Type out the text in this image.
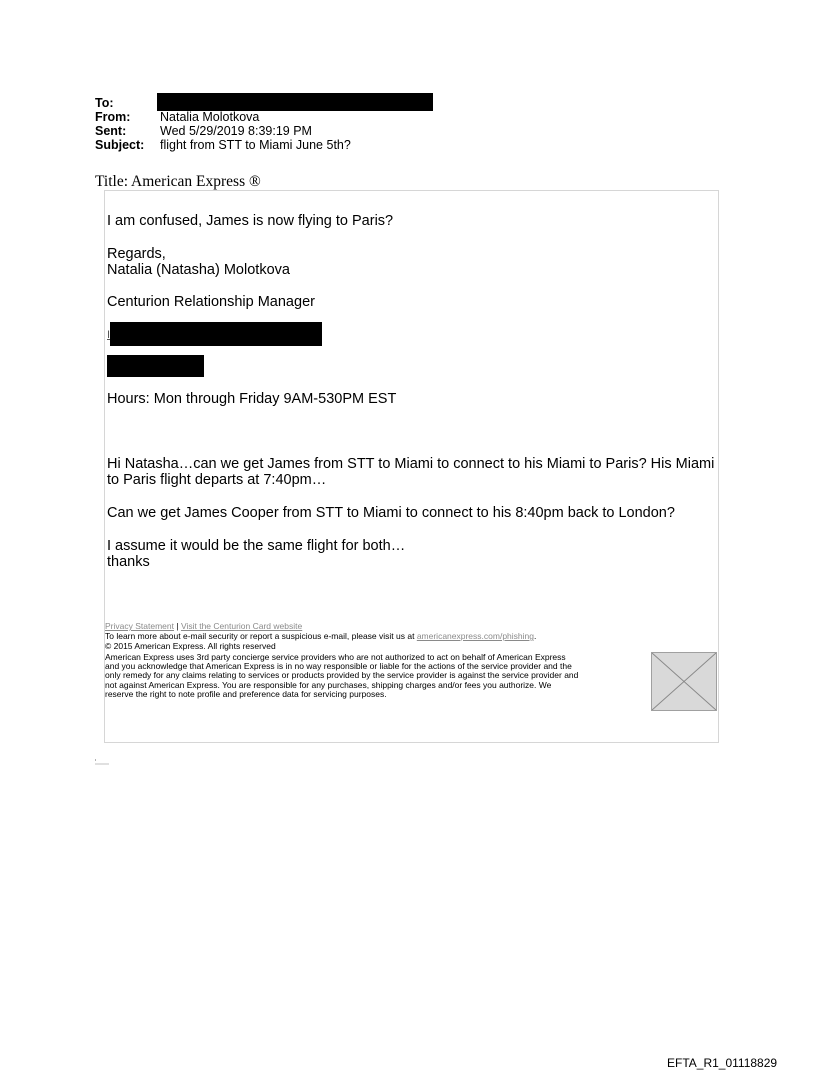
To:
From: Natalia Molotkova
Sent:	Wed 5/29/2019 8:39:19 PM
Subject: flight from STT to Miami June 5th?
Title: American Express ®
I am confused, James is now flying to Paris?
Regards,
Natalia (Natasha) Molotkova
Centurion Relationship Manager
I
Hours: Mon through Friday 9AM-530PM EST
Hi Natasha…can we get James from STT to Miami to connect to his Miami to Paris? His Miami to Paris flight departs at 7:40pm…
Can we get James Cooper from STT to Miami to connect to his 8:40pm back to London?
I assume it would be the same flight for both…
thanks
Privacy Statement | Visit the Centurion Card website
To learn more about e-mail security or report a suspicious e-mail, please visit us at americanexpress.com/phishing.
© 2015 American Express. All rights reserved
American Express uses 3rd party concierge service providers who are not authorized to act on behalf of American Express
and you acknowledge that American Express is in no way responsible or liable for the actions of the service provider and the
only remedy for any claims relating to services or products provided by the service provider is against the service provider and
not against American Express. You are responsible for any purchases, shipping charges and/or fees you authorize. We
reserve the right to note profile and preference data for servicing purposes.
EFTA_R1_01118829
